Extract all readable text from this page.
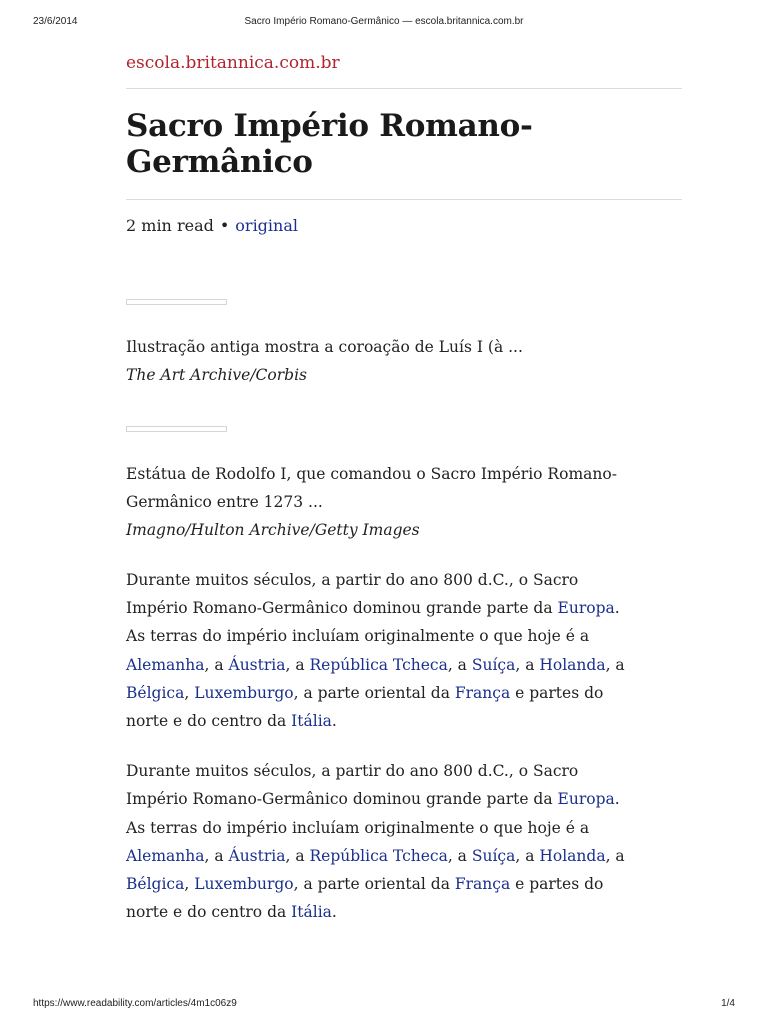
23/6/2014	Sacro Império Romano-Germânico — escola.britannica.com.br
escola.britannica.com.br
Sacro Império Romano-
Germânico
2 min read • original
Ilustração antiga mostra a coroação de Luís I (à ...
The Art Archive/Corbis
Estátua de Rodolfo I, que comandou o Sacro Império Romano-
Germânico entre 1273 ...
Imagno/Hulton Archive/Getty Images

Durante muitos séculos, a partir do ano 800 d.C., o Sacro
Império Romano-Germânico dominou grande parte da Europa.
As terras do império incluíam originalmente o que hoje é a
Alemanha, a Áustria, a República Tcheca, a Suíça, a Holanda, a
Bélgica, Luxemburgo, a parte oriental da França e partes do
norte e do centro da Itália.

Durante muitos séculos, a partir do ano 800 d.C., o Sacro
Império Romano-Germânico dominou grande parte da Europa.
As terras do império incluíam originalmente o que hoje é a
Alemanha, a Áustria, a República Tcheca, a Suíça, a Holanda, a
Bélgica, Luxemburgo, a parte oriental da França e partes do
norte e do centro da Itália.

https://www.readability.com/articles/4m1c06z9	1/4
